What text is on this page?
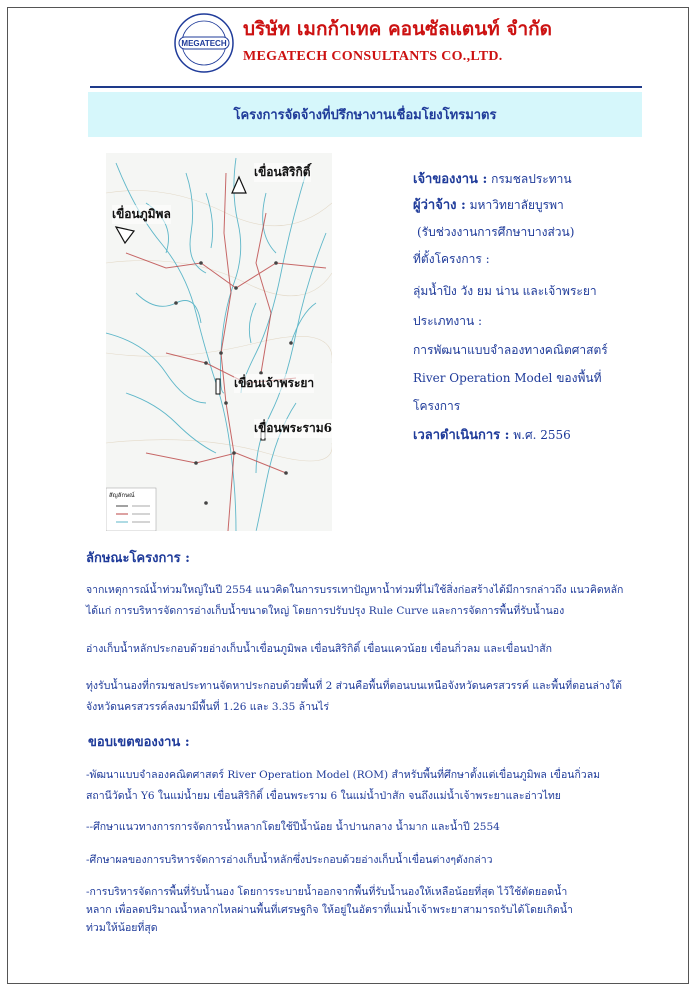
MEGATECH
บริษัท เมกก้าเทค คอนซัลแตนท์ จำกัด
MEGATECH CONSULTANTS CO.,LTD.
โครงการจัดจ้างที่ปรึกษางานเชื่อมโยงโทรมาตร
สัญลักษณ์
เขื่อนสิริกิติ์
เขื่อนภูมิพล
เขื่อนเจ้าพระยา
เขื่อนพระราม6
เจ้าของงาน : กรมชลประทาน
ผู้ว่าจ้าง : มหาวิทยาลัยบูรพา
(รับช่วงงานการศึกษาบางส่วน)
ที่ตั้งโครงการ :
ลุ่มน้ำปิง วัง ยม น่าน และเจ้าพระยา
ประเภทงาน :
การพัฒนาแบบจำลองทางคณิตศาสตร์
River Operation Model ของพื้นที่
โครงการ
เวลาดำเนินการ : พ.ศ. 2556
ลักษณะโครงการ :
จากเหตุการณ์น้ำท่วมใหญ่ในปี 2554 แนวคิดในการบรรเทาปัญหาน้ำท่วมที่ไม่ใช้สิ่งก่อสร้างได้มีการกล่าวถึง แนวคิดหลัก
ได้แก่ การบริหารจัดการอ่างเก็บน้ำขนาดใหญ่ โดยการปรับปรุง Rule Curve และการจัดการพื้นที่รับน้ำนอง
อ่างเก็บน้ำหลักประกอบด้วยอ่างเก็บน้ำเขื่อนภูมิพล เขื่อนสิริกิติ์ เขื่อนแควน้อย เขื่อนกิ่วลม และเขื่อนป่าสัก
ทุ่งรับน้ำนองที่กรมชลประทานจัดหาประกอบด้วยพื้นที่ 2 ส่วนคือพื้นที่ตอนบนเหนือจังหวัดนครสวรรค์ และพื้นที่ตอนล่างใต้
จังหวัดนครสวรรค์ลงมามีพื้นที่ 1.26 และ 3.35 ล้านไร่
ขอบเขตของงาน :
-พัฒนาแบบจำลองคณิตศาสตร์ River Operation Model (ROM) สำหรับพื้นที่ศึกษาตั้งแต่เขื่อนภูมิพล เขื่อนกิ่วลม
สถานีวัดน้ำ Y6 ในแม่น้ำยม เขื่อนสิริกิติ์ เขื่อนพระราม 6 ในแม่น้ำป่าสัก จนถึงแม่น้ำเจ้าพระยาและอ่าวไทย
--ศึกษาแนวทางการการจัดการน้ำหลากโดยใช้ปีน้ำน้อย น้ำปานกลาง น้ำมาก และน้ำปี 2554
-ศึกษาผลของการบริหารจัดการอ่างเก็บน้ำหลักซึ่งประกอบด้วยอ่างเก็บน้ำเขื่อนต่างๆดังกล่าว
-การบริหารจัดการพื้นที่รับน้ำนอง โดยการระบายน้ำออกจากพื้นที่รับน้ำนองให้เหลือน้อยที่สุด ไว้ใช้ตัดยอดน้ำ
หลาก เพื่อลดปริมาณน้ำหลากไหลผ่านพื้นที่เศรษฐกิจ ให้อยู่ในอัตราที่แม่น้ำเจ้าพระยาสามารถรับได้โดยเกิดน้ำ
ท่วมให้น้อยที่สุด
